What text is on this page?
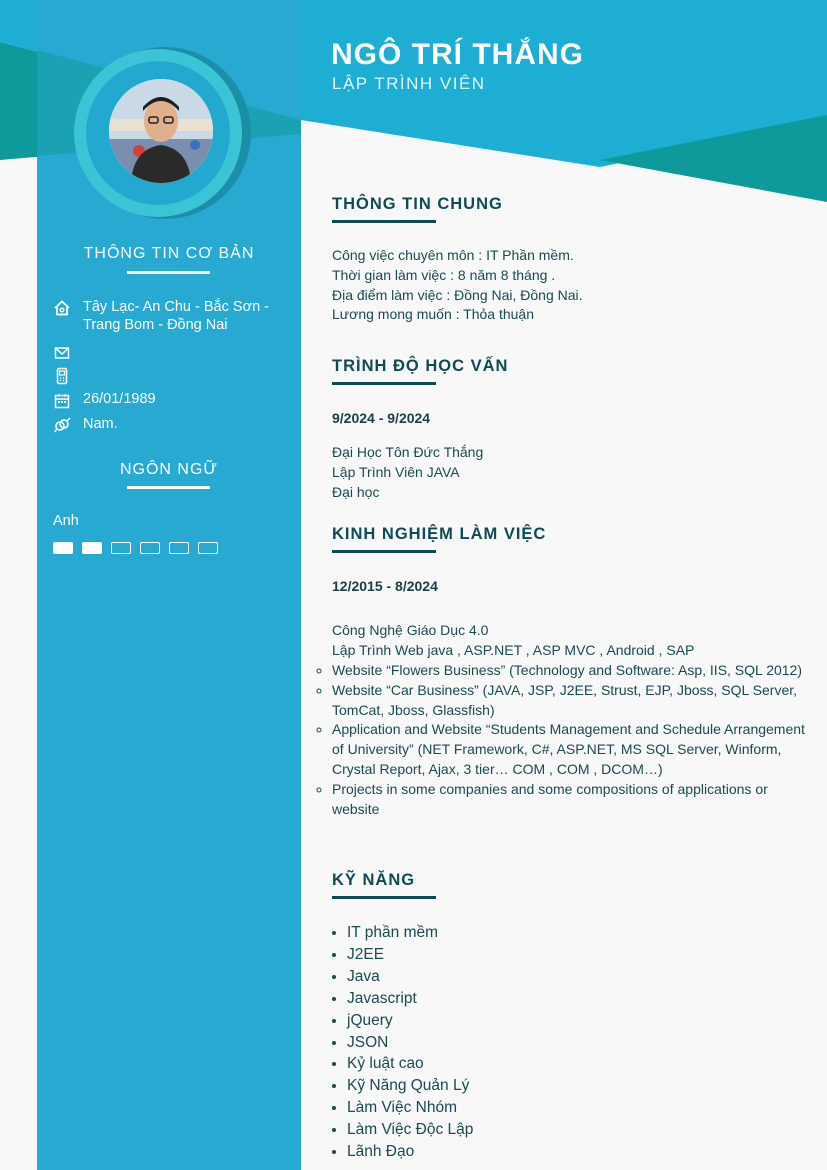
THÔNG TIN CƠ BẢN
Tây Lạc- An Chu - Bắc Sơn - Trang Bom - Đồng Nai
26/01/1989
Nam.
NGÔN NGỮ
Anh
NGÔ TRÍ THẮNG
LẬP TRÌNH VIÊN
THÔNG TIN CHUNG
Công việc chuyên môn : IT Phần mềm.
Thời gian làm việc : 8 năm 8 tháng .
Địa điểm làm việc : Đồng Nai, Đồng Nai.
Lương mong muốn : Thỏa thuận
TRÌNH ĐỘ HỌC VẤN
9/2024 - 9/2024
Đại Học Tôn Đức Thắng
Lập Trình Viên JAVA
Đại học
KINH NGHIỆM LÀM VIỆC
12/2015 - 8/2024
Công Nghệ Giáo Dục 4.0
Lập Trình Web java , ASP.NET , ASP MVC , Android , SAP
◦ Website “Flowers Business” (Technology and Software: Asp, IIS, SQL 2012)
◦ Website “Car Business” (JAVA, JSP, J2EE, Strust, EJP, Jboss, SQL Server, TomCat, Jboss, Glassfish)
◦ Application and Website “Students Management and Schedule Arrangement of University” (NET Framework, C#, ASP.NET, MS SQL Server, Winform, Crystal Report, Ajax, 3 tier… COM , COM , DCOM…)
◦ Projects in some companies and some compositions of applications or website
KỸ NĂNG
• IT phần mềm
• J2EE
• Java
• Javascript
• jQuery
• JSON
• Kỷ luật cao
• Kỹ Năng Quản Lý
• Làm Việc Nhóm
• Làm Việc Độc Lập
• Lãnh Đạo
